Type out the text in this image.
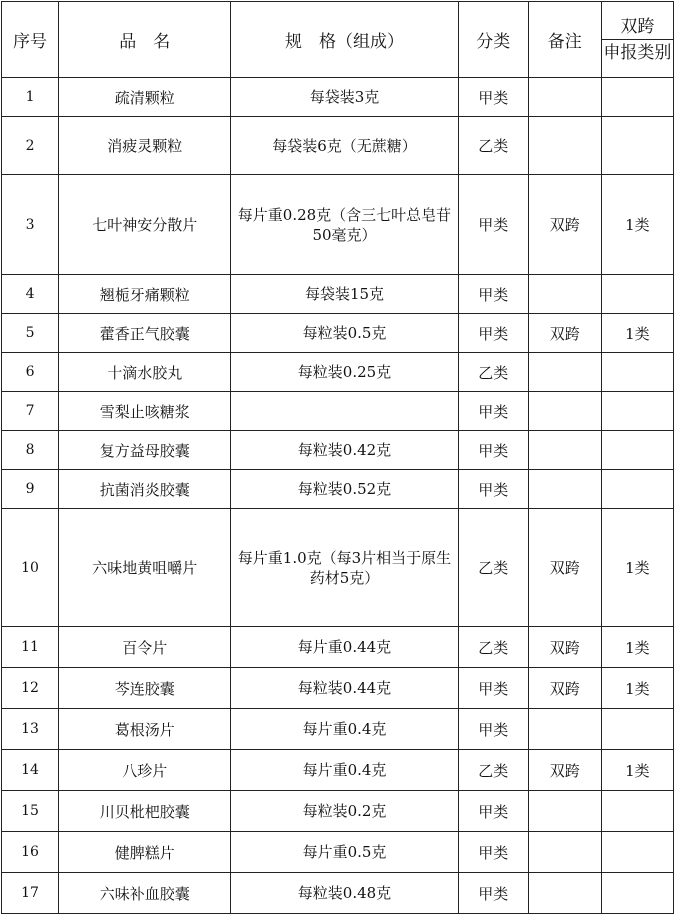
序号	品　名	规　格（组成）	分类	备注	双跨
申报类别

1	疏清颗粒	每袋装3克	甲类		
2	消疲灵颗粒	每袋装6克（无蔗糖）	乙类		
3	七叶神安分散片	每片重0.28克（含三七叶总皂苷50毫克）	甲类	双跨	1类
4	翘栀牙痛颗粒	每袋装15克	甲类		
5	藿香正气胶囊	每粒装0.5克	甲类	双跨	1类
6	十滴水胶丸	每粒装0.25克	乙类		
7	雪梨止咳糖浆		甲类		
8	复方益母胶囊	每粒装0.42克	甲类		
9	抗菌消炎胶囊	每粒装0.52克	甲类		
10	六味地黄咀嚼片	每片重1.0克（每3片相当于原生药材5克）	乙类	双跨	1类
11	百令片	每片重0.44克	乙类	双跨	1类
12	芩连胶囊	每粒装0.44克	甲类	双跨	1类
13	葛根汤片	每片重0.4克	甲类		
14	八珍片	每片重0.4克	乙类	双跨	1类
15	川贝枇杷胶囊	每粒装0.2克	甲类		
16	健脾糕片	每片重0.5克	甲类		
17	六味补血胶囊	每粒装0.48克	甲类		
